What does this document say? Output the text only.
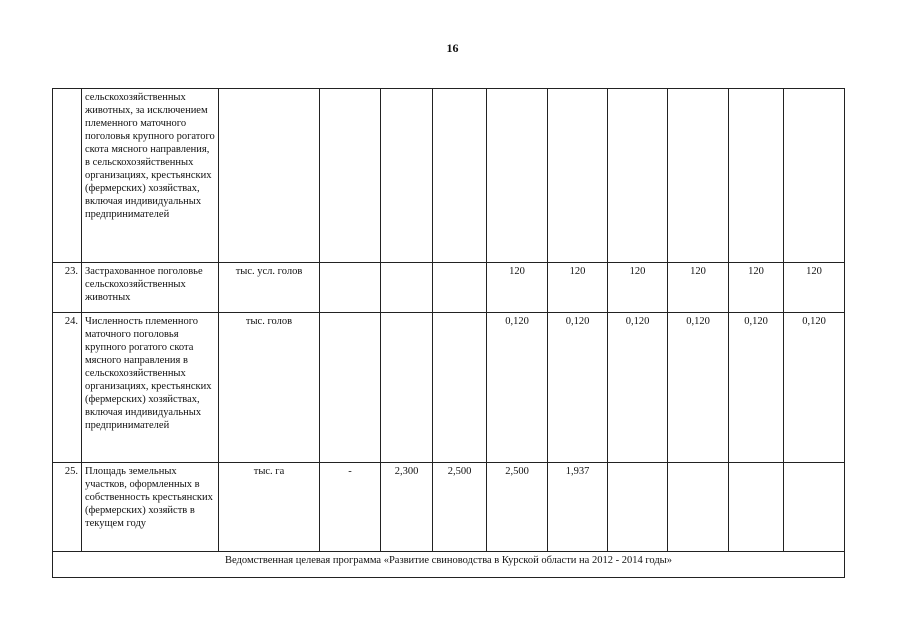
16
	сельскохозяйственных животных, за исключением племенного маточного поголовья крупного рогатого скота мясного направления, в сельскохозяйственных организациях, крестьянских (фермерских) хозяйствах, включая индивидуальных предпринимателей										
23.	Застрахованное поголовье сельскохозяйственных животных	тыс. усл. голов				120	120	120	120	120	120
24.	Численность племенного маточного поголовья крупного рогатого скота мясного направления в сельскохозяйственных организациях, крестьянских (фермерских) хозяйствах, включая индивидуальных предпринимателей	тыс. голов				0,120	0,120	0,120	0,120	0,120	0,120
25.	Площадь земельных участков, оформленных в собственность крестьянских (фермерских) хозяйств в текущем году	тыс. га	-	2,300	2,500	2,500	1,937				
Ведомственная целевая программа «Развитие свиноводства в Курской области на 2012 - 2014 годы»											
